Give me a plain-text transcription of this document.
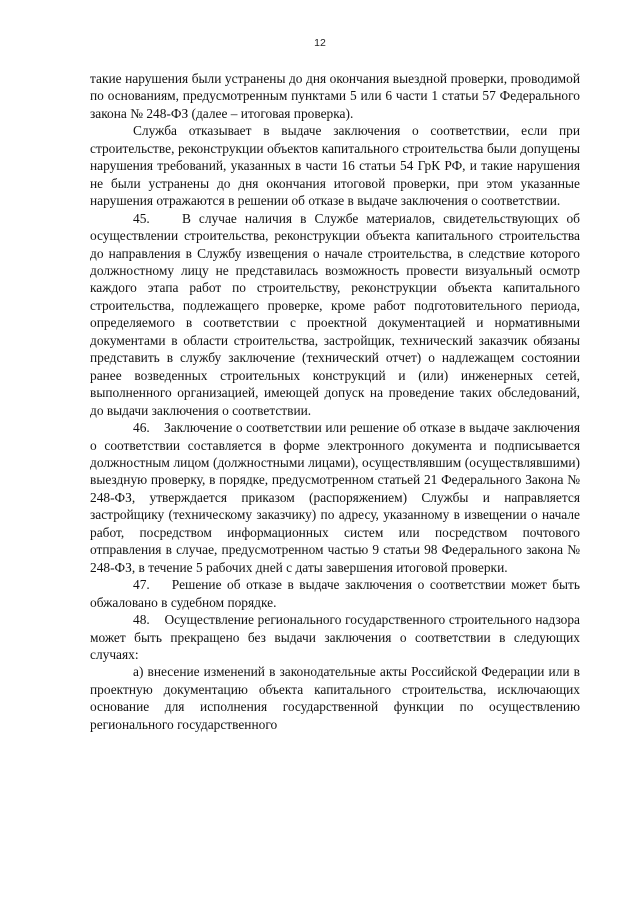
12

такие нарушения были устранены до дня окончания выездной проверки, проводимой по основаниям, предусмотренным пунктами 5 или 6 части 1 статьи 57 Федерального закона № 248-ФЗ (далее – итоговая проверка).

Служба отказывает в выдаче заключения о соответствии, если при строительстве, реконструкции объектов капитального строительства были допущены нарушения требований, указанных в части 16 статьи 54 ГрК РФ, и такие нарушения не были устранены до дня окончания итоговой проверки, при этом указанные нарушения отражаются в решении об отказе в выдаче заключения о соответствии.

45.    В случае наличия в Службе материалов, свидетельствующих об осуществлении строительства, реконструкции объекта капитального строительства до направления в Службу извещения о начале строительства, в следствие которого должностному лицу не представилась возможность провести визуальный осмотр каждого этапа работ по строительству, реконструкции объекта капитального строительства, подлежащего проверке, кроме работ подготовительного периода, определяемого в соответствии с проектной документацией и нормативными документами в области строительства, застройщик, технический заказчик обязаны представить в службу заключение (технический отчет) о надлежащем состоянии ранее возведенных строительных конструкций и (или) инженерных сетей, выполненного организацией, имеющей допуск на проведение таких обследований, до выдачи заключения о соответствии.

46.    Заключение о соответствии или решение об отказе в выдаче заключения о соответствии составляется в форме электронного документа и подписывается должностным лицом (должностными лицами), осуществлявшим (осуществлявшими) выездную проверку, в порядке, предусмотренном статьей 21 Федерального Закона № 248-ФЗ, утверждается приказом (распоряжением) Службы и направляется застройщику (техническому заказчику) по адресу, указанному в извещении о начале работ, посредством информационных систем или посредством почтового отправления в случае, предусмотренном частью 9 статьи 98 Федерального закона № 248-ФЗ, в течение 5 рабочих дней с даты завершения итоговой проверки.

47.    Решение об отказе в выдаче заключения о соответствии может быть обжаловано в судебном порядке.

48.    Осуществление регионального государственного строительного надзора может быть прекращено без выдачи заключения о соответствии в следующих случаях:

а) внесение изменений в законодательные акты Российской Федерации или в проектную документацию объекта капитального строительства, исключающих основание для исполнения государственной функции по осуществлению регионального государственного
